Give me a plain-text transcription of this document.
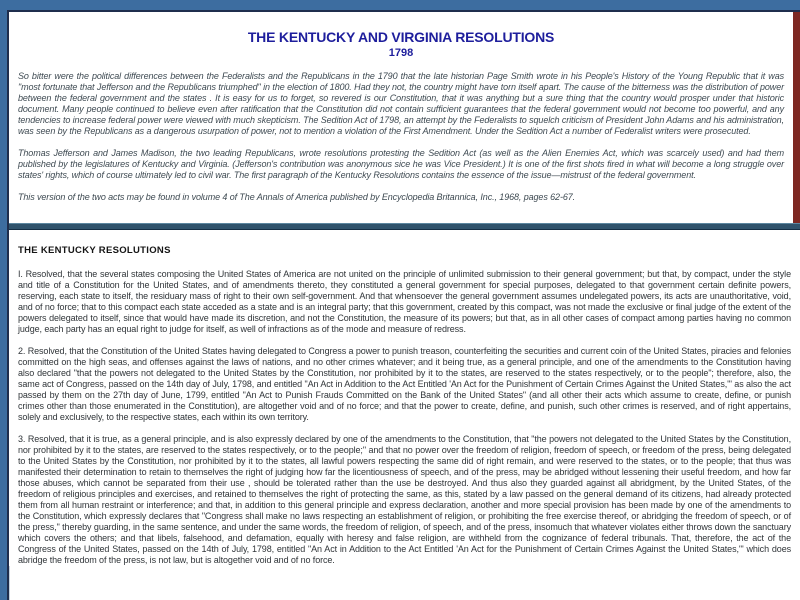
THE KENTUCKY AND VIRGINIA RESOLUTIONS
1798

So bitter were the political differences between the Federalists and the Republicans in the 1790 that the late historian Page Smith wrote in his People's History of the Young Republic that it was "most fortunate that Jefferson and the Republicans triumphed" in the election of 1800. Had they not, the country might have torn itself apart. The cause of the bitterness was the distribution of power between the federal government and the states . It is easy for us to forget, so revered is our Constitution, that it was anything but a sure thing that the country would prosper under that historic document. Many people continued to believe even after ratification that the Constitution did not contain sufficient guarantees that the federal government would not become too powerful, and any tendencies to increase federal power were viewed with much skepticism. The Sedition Act of 1798, an attempt by the Federalists to squelch criticism of President John Adams and his administration, was seen by the Republicans as a dangerous usurpation of power, not to mention a violation of the First Amendment. Under the Sedition Act a number of Federalist writers were prosecuted.

Thomas Jefferson and James Madison, the two leading Republicans, wrote resolutions protesting the Sedition Act (as well as the Alien Enemies Act, which was scarcely used) and had them published by the legislatures of Kentucky and Virginia. (Jefferson's contribution was anonymous sice he was Vice President.) It is one of the first shots fired in what will become a long struggle over states' rights, which of course ultimately led to civil war. The first paragraph of the Kentucky Resolutions contains the essence of the issue—mistrust of the federal government.

This version of the two acts may be found in volume 4 of The Annals of America published by Encyclopedia Britannica, Inc., 1968, pages 62-67.

THE KENTUCKY RESOLUTIONS

I. Resolved, that the several states composing the United States of America are not united on the principle of unlimited submission to their general government; but that, by compact, under the style and title of a Constitution for the United States, and of amendments thereto, they constituted a general government for special purposes, delegated to that government certain definite powers, reserving, each state to itself, the residuary mass of right to their own self-government. And that whensoever the general government assumes undelegated powers, its acts are unauthoritative, void, and of no force; that to this compact each state acceded as a state and is an integral party; that this government, created by this compact, was not made the exclusive or final judge of the extent of the powers delegated to itself, since that would have made its discretion, and not the Constitution, the measure of its powers; but that, as in all other cases of compact among parties having no common judge, each party has an equal right to judge for itself, as well of infractions as of the mode and measure of redress.

2. Resolved, that the Constitution of the United States having delegated to Congress a power to punish treason, counterfeiting the securities and current coin of the United States, piracies and felonies committed on the high seas, and offenses against the laws of nations, and no other crimes whatever; and it being true, as a general principle, and one of the amendments to the Constitution having also declared "that the powers not delegated to the United States by the Constitution, nor prohibited by it to the states, are reserved to the states respectively, or to the people"; therefore, also, the same act of Congress, passed on the 14th day of July, 1798, and entitled "An Act in Addition to the Act Entitled 'An Act for the Punishment of Certain Crimes Against the United States,'" as also the act passed by them on the 27th day of June, 1799, entitled "An Act to Punish Frauds Committed on the Bank of the United States" (and all other their acts which assume to create, define, or punish crimes other than those enumerated in the Constitution), are altogether void and of no force; and that the power to create, define, and punish, such other crimes is reserved, and of right appertains, solely and exclusively, to the respective states, each within its own territory.

3. Resolved, that it is true, as a general principle, and is also expressly declared by one of the amendments to the Constitution, that "the powers not delegated to the United States by the Constitution, nor prohibited by it to the states, are reserved to the states respectively, or to the people;" and that no power over the freedom of religion, freedom of speech, or freedom of the press, being delegated to the United States by the Constitution, nor prohibited by it to the states, all lawful powers respecting the same did of right remain, and were reserved to the states, or to the people; that thus was manifested their determination to retain to themselves the right of judging how far the licentiousness of speech, and of the press, may be abridged without lessening their useful freedom, and how far those abuses, which cannot be separated from their use , should be tolerated rather than the use be destroyed. And thus also they guarded against all abridgment, by the United States, of the freedom of religious principles and exercises, and retained to themselves the right of protecting the same, as this, stated by a law passed on the general demand of its citizens, had already protected them from all human restraint or interference; and that, in addition to this general principle and express declaration, another and more special provision has been made by one of the amendments to the Constitution, which expressly declares that "Congress shall make no laws respecting an establishment of religion, or prohibiting the free exercise thereof, or abridging the freedom of speech, or of the press," thereby guarding, in the same sentence, and under the same words, the freedom of religion, of speech, and of the press, insomuch that whatever violates either throws down the sanctuary which covers the others; and that libels, falsehood, and defamation, equally with heresy and false religion, are withheld from the cognizance of federal tribunals. That, therefore, the act of the Congress of the United States, passed on the 14th of July, 1798, entitled "An Act in Addition to the Act Entitled 'An Act for the Punishment of Certain Crimes Against the United States,'" which does abridge the freedom of the press, is not law, but is altogether void and of no force.
